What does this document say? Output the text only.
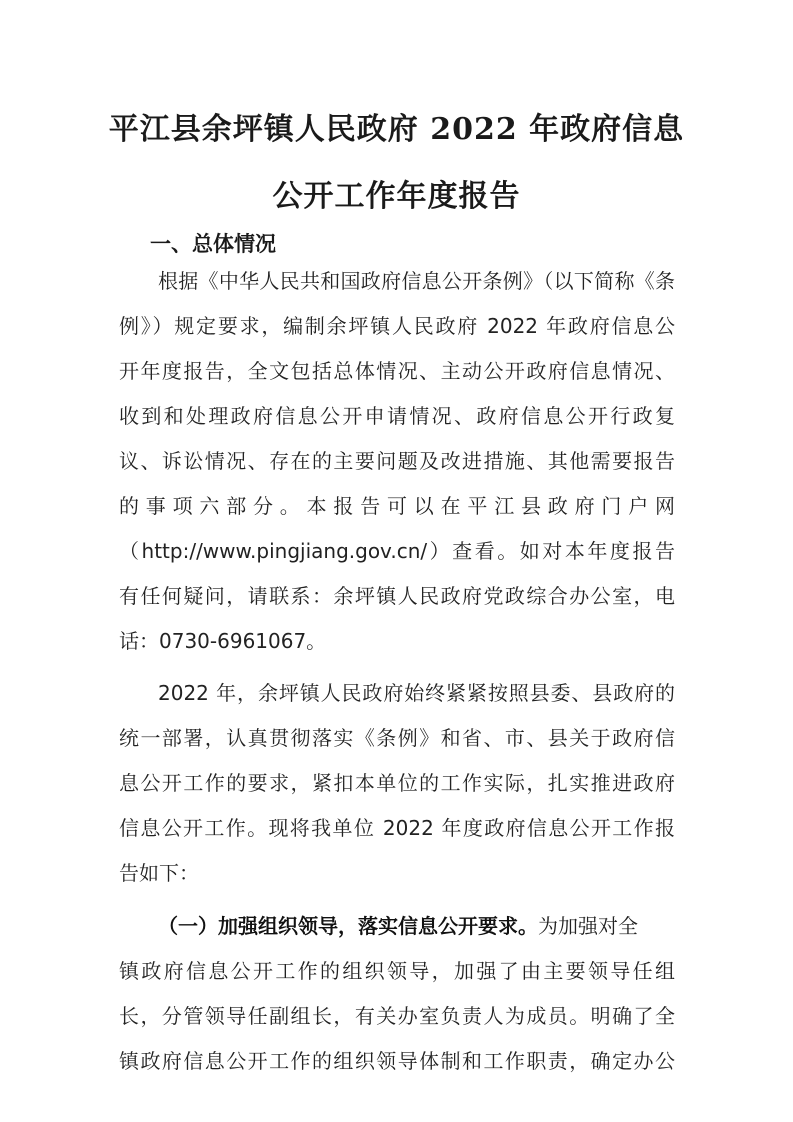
平江县余坪镇人民政府 2022 年政府信息
公开工作年度报告
一、总体情况
根据《中华人民共和国政府信息公开条例》（以下简称《条
例》）规定要求，编制余坪镇人民政府 2022 年政府信息公
开年度报告，全文包括总体情况、主动公开政府信息情况、
收到和处理政府信息公开申请情况、政府信息公开行政复
议、诉讼情况、存在的主要问题及改进措施、其他需要报告
的事项六部分。本报告可以在平江县政府门户网
（http://www.pingjiang.gov.cn/）查看。如对本年度报告
有任何疑问，请联系：余坪镇人民政府党政综合办公室，电
话：0730-6961067。
2022 年，余坪镇人民政府始终紧紧按照县委、县政府的
统一部署，认真贯彻落实《条例》和省、市、县关于政府信
息公开工作的要求，紧扣本单位的工作实际，扎实推进政府
信息公开工作。现将我单位 2022 年度政府信息公开工作报
告如下：
（一）加强组织领导，落实信息公开要求。为加强对全
镇政府信息公开工作的组织领导，加强了由主要领导任组
长，分管领导任副组长，有关办室负责人为成员。明确了全
镇政府信息公开工作的组织领导体制和工作职责，确定办公
